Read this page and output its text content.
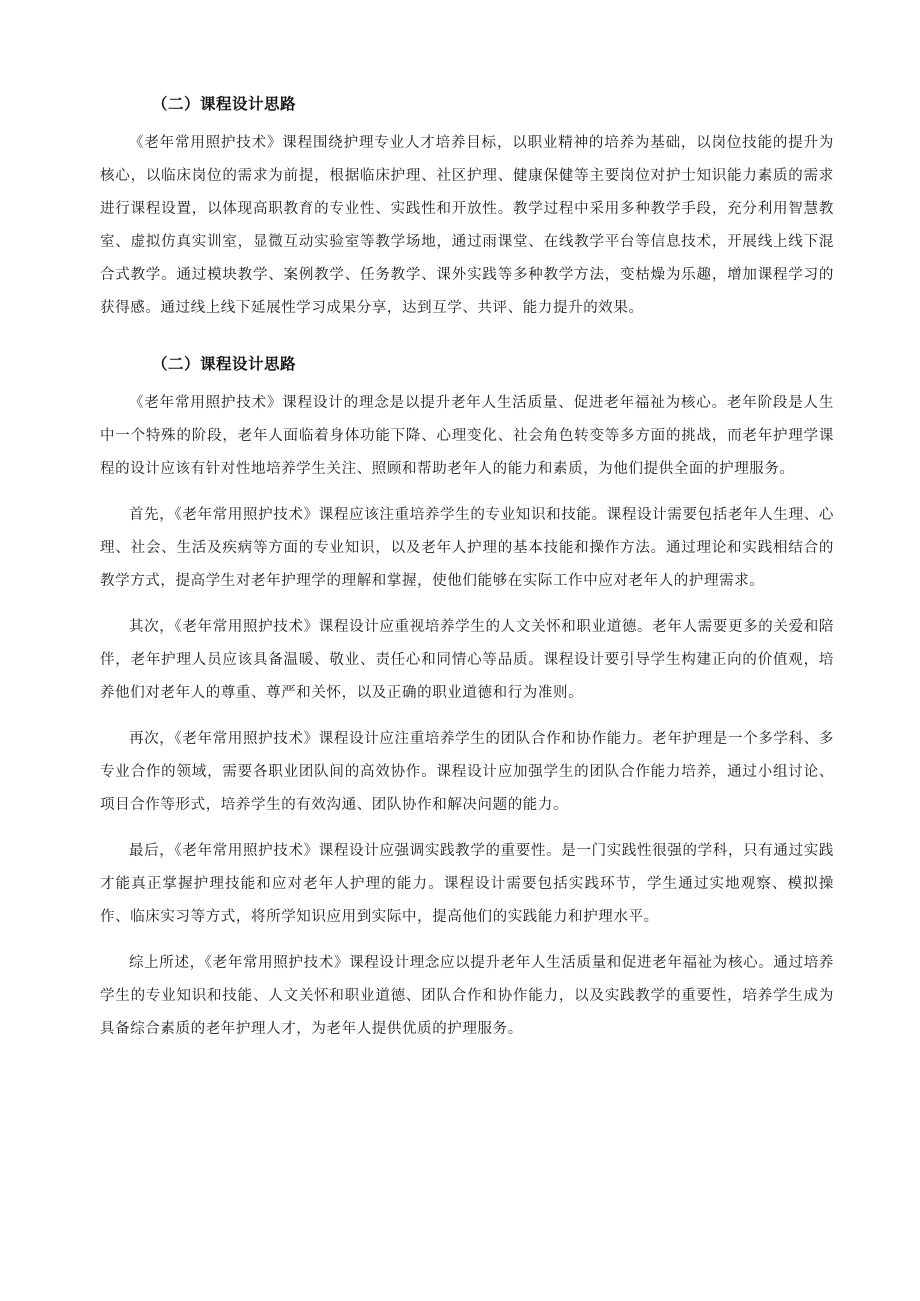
（二）课程设计思路

《老年常用照护技术》课程围绕护理专业人才培养目标，以职业精神的培养为基础，以岗位技能的提升为核心，以临床岗位的需求为前提，根据临床护理、社区护理、健康保健等主要岗位对护士知识能力素质的需求进行课程设置，以体现高职教育的专业性、实践性和开放性。教学过程中采用多种教学手段，充分利用智慧教室、虚拟仿真实训室，显微互动实验室等教学场地，通过雨课堂、在线教学平台等信息技术，开展线上线下混合式教学。通过模块教学、案例教学、任务教学、课外实践等多种教学方法，变枯燥为乐趣，增加课程学习的获得感。通过线上线下延展性学习成果分享，达到互学、共评、能力提升的效果。

（二）课程设计思路

《老年常用照护技术》课程设计的理念是以提升老年人生活质量、促进老年福祉为核心。老年阶段是人生中一个特殊的阶段，老年人面临着身体功能下降、心理变化、社会角色转变等多方面的挑战，而老年护理学课程的设计应该有针对性地培养学生关注、照顾和帮助老年人的能力和素质，为他们提供全面的护理服务。

首先，《老年常用照护技术》课程应该注重培养学生的专业知识和技能。课程设计需要包括老年人生理、心理、社会、生活及疾病等方面的专业知识，以及老年人护理的基本技能和操作方法。通过理论和实践相结合的教学方式，提高学生对老年护理学的理解和掌握，使他们能够在实际工作中应对老年人的护理需求。

其次，《老年常用照护技术》课程设计应重视培养学生的人文关怀和职业道德。老年人需要更多的关爱和陪伴，老年护理人员应该具备温暖、敬业、责任心和同情心等品质。课程设计要引导学生构建正向的价值观，培养他们对老年人的尊重、尊严和关怀，以及正确的职业道德和行为准则。

再次，《老年常用照护技术》课程设计应注重培养学生的团队合作和协作能力。老年护理是一个多学科、多专业合作的领域，需要各职业团队间的高效协作。课程设计应加强学生的团队合作能力培养，通过小组讨论、项目合作等形式，培养学生的有效沟通、团队协作和解决问题的能力。

最后，《老年常用照护技术》课程设计应强调实践教学的重要性。是一门实践性很强的学科，只有通过实践才能真正掌握护理技能和应对老年人护理的能力。课程设计需要包括实践环节，学生通过实地观察、模拟操作、临床实习等方式，将所学知识应用到实际中，提高他们的实践能力和护理水平。

综上所述，《老年常用照护技术》课程设计理念应以提升老年人生活质量和促进老年福祉为核心。通过培养学生的专业知识和技能、人文关怀和职业道德、团队合作和协作能力，以及实践教学的重要性，培养学生成为具备综合素质的老年护理人才，为老年人提供优质的护理服务。
